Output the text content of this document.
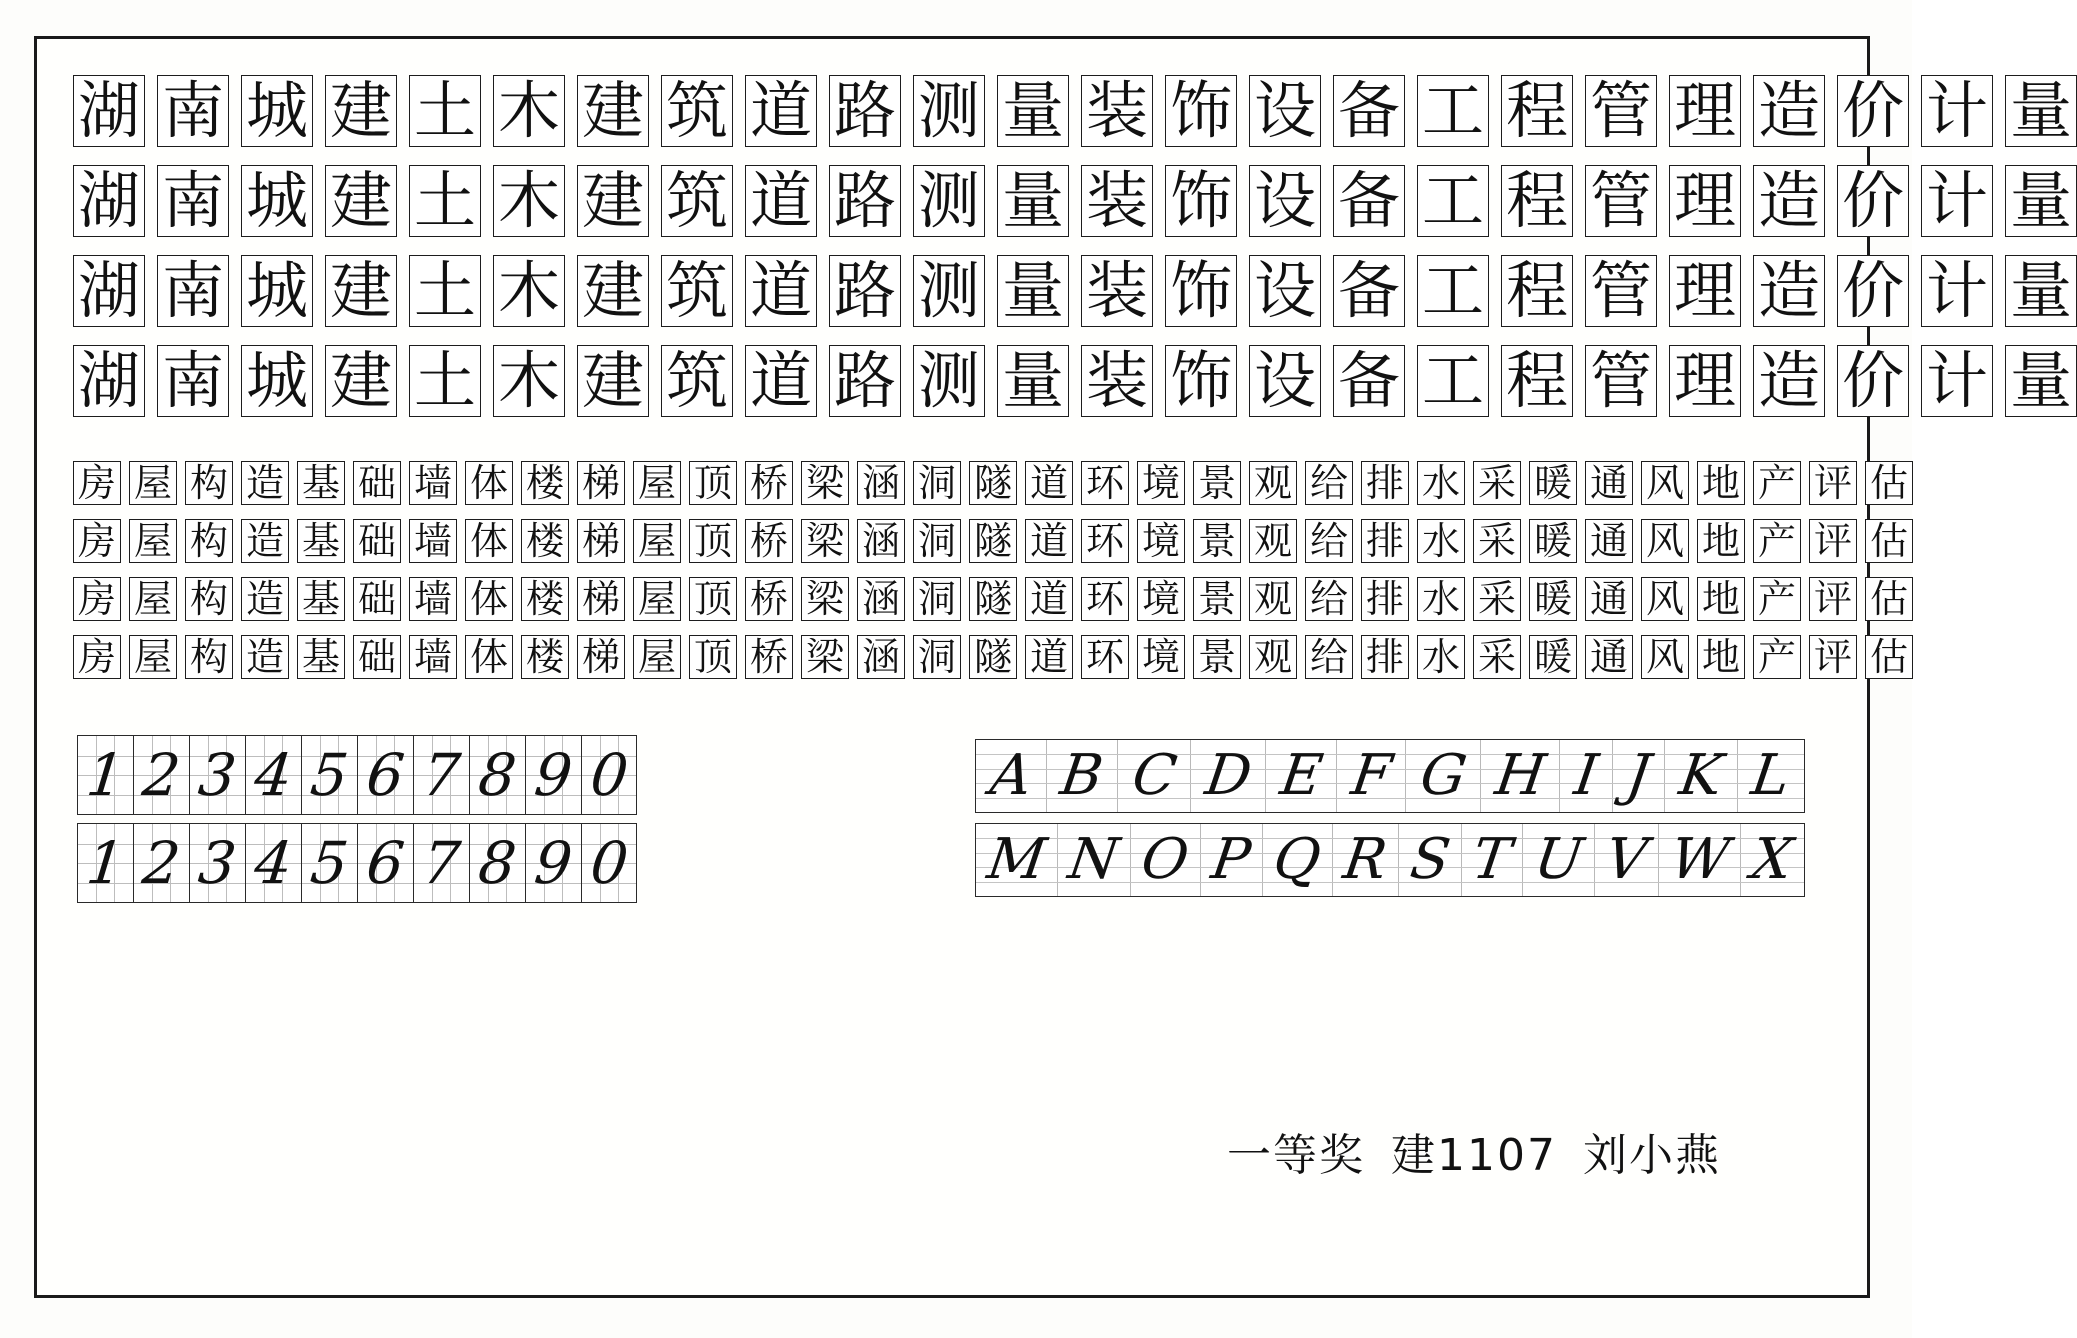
湖 南 城 建 土 木 建 筑 道 路 测 量 装 饰 设 备 工 程 管 理 造 价 计 量
湖 南 城 建 土 木 建 筑 道 路 测 量 装 饰 设 备 工 程 管 理 造 价 计 量
湖 南 城 建 土 木 建 筑 道 路 测 量 装 饰 设 备 工 程 管 理 造 价 计 量
湖 南 城 建 土 木 建 筑 道 路 测 量 装 饰 设 备 工 程 管 理 造 价 计 量
房 屋 构 造 基 础 墙 体 楼 梯 屋 顶 桥 梁 涵 洞 隧 道 环 境 景 观 给 排 水 采 暖 通 风 地 产 评 估
房 屋 构 造 基 础 墙 体 楼 梯 屋 顶 桥 梁 涵 洞 隧 道 环 境 景 观 给 排 水 采 暖 通 风 地 产 评 估
房 屋 构 造 基 础 墙 体 楼 梯 屋 顶 桥 梁 涵 洞 隧 道 环 境 景 观 给 排 水 采 暖 通 风 地 产 评 估
房 屋 构 造 基 础 墙 体 楼 梯 屋 顶 桥 梁 涵 洞 隧 道 环 境 景 观 给 排 水 采 暖 通 风 地 产 评 估
1 2 3 4 5 6 7 8 9 0
1 2 3 4 5 6 7 8 9 0
A B C D E F G H I J K L
M N O P Q R S T U V W X
一等奖 建1107 刘小燕
